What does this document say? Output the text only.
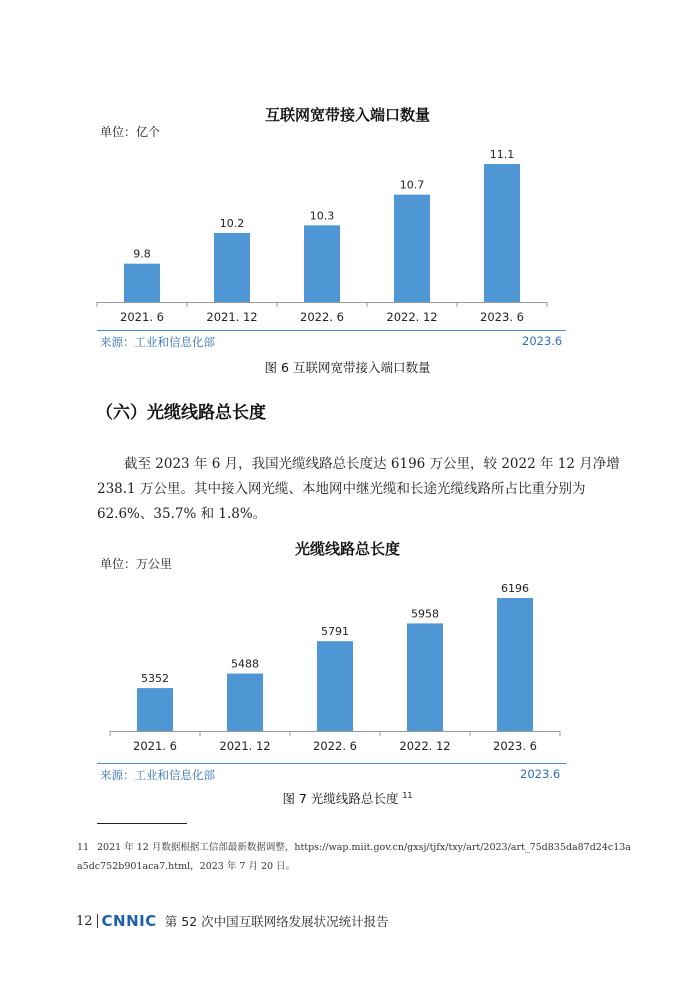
互联网宽带接入端口数量
单位：亿个
9.8
2021. 6
10.2
2021. 12
10.3
2022. 6
10.7
2022. 12
11.1
2023. 6
来源：工业和信息化部	2023.6
图 6 互联网宽带接入端口数量
（六）光缆线路总长度
截至 2023 年 6 月，我国光缆线路总长度达 6196 万公里，较 2022 年 12 月净增
238.1 万公里。其中接入网光缆、本地网中继光缆和长途光缆线路所占比重分别为
62.6%、35.7% 和 1.8%。
光缆线路总长度
单位：万公里
5352
2021. 6
5488
2021. 12
5791
2022. 6
5958
2022. 12
6196
2023. 6
来源：工业和信息化部	2023.6
图 7 光缆线路总长度 $^{11}$
11 2021 年 12 月数据根据工信部最新数据调整，https://wap.miit.gov.cn/gxsj/tjfx/txy/art/2023/art_75d835da87d24c13a
a5dc752b901aca7.html，2023 年 7 月 20 日。
12 CNNIC 第 52 次中国互联网络发展状况统计报告
